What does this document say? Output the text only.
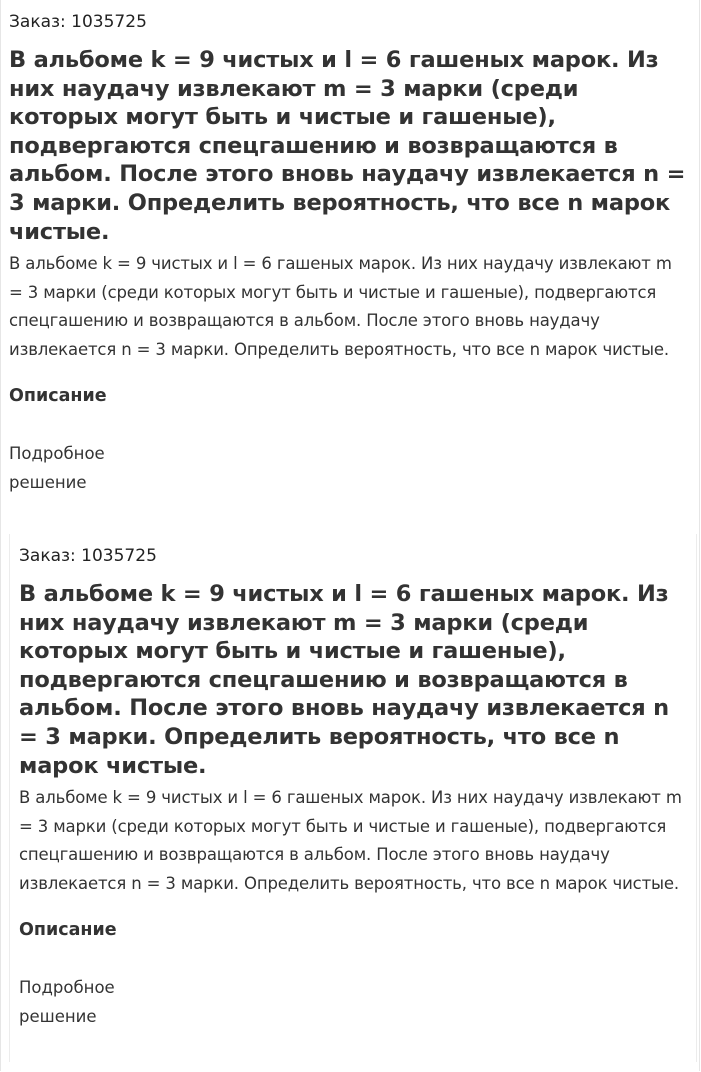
Заказ: 1035725

В альбоме k = 9 чистых и l = 6 гашеных марок. Из них наудачу извлекают m = 3 марки (среди которых могут быть и чистые и гашеные), подвергаются спецгашению и возвращаются в альбом. После этого вновь наудачу извлекается n = 3 марки. Определить вероятность, что все n марок чистые.

В альбоме k = 9 чистых и l = 6 гашеных марок. Из них наудачу извлекают m = 3 марки (среди которых могут быть и чистые и гашеные), подвергаются спецгашению и возвращаются в альбом. После этого вновь наудачу извлекается n = 3 марки. Определить вероятность, что все n марок чистые.

Описание

Подробное решение

Заказ: 1035725

В альбоме k = 9 чистых и l = 6 гашеных марок. Из них наудачу извлекают m = 3 марки (среди которых могут быть и чистые и гашеные), подвергаются спецгашению и возвращаются в альбом. После этого вновь наудачу извлекается n = 3 марки. Определить вероятность, что все n марок чистые.

В альбоме k = 9 чистых и l = 6 гашеных марок. Из них наудачу извлекают m = 3 марки (среди которых могут быть и чистые и гашеные), подвергаются спецгашению и возвращаются в альбом. После этого вновь наудачу извлекается n = 3 марки. Определить вероятность, что все n марок чистые.

Описание

Подробное решение
